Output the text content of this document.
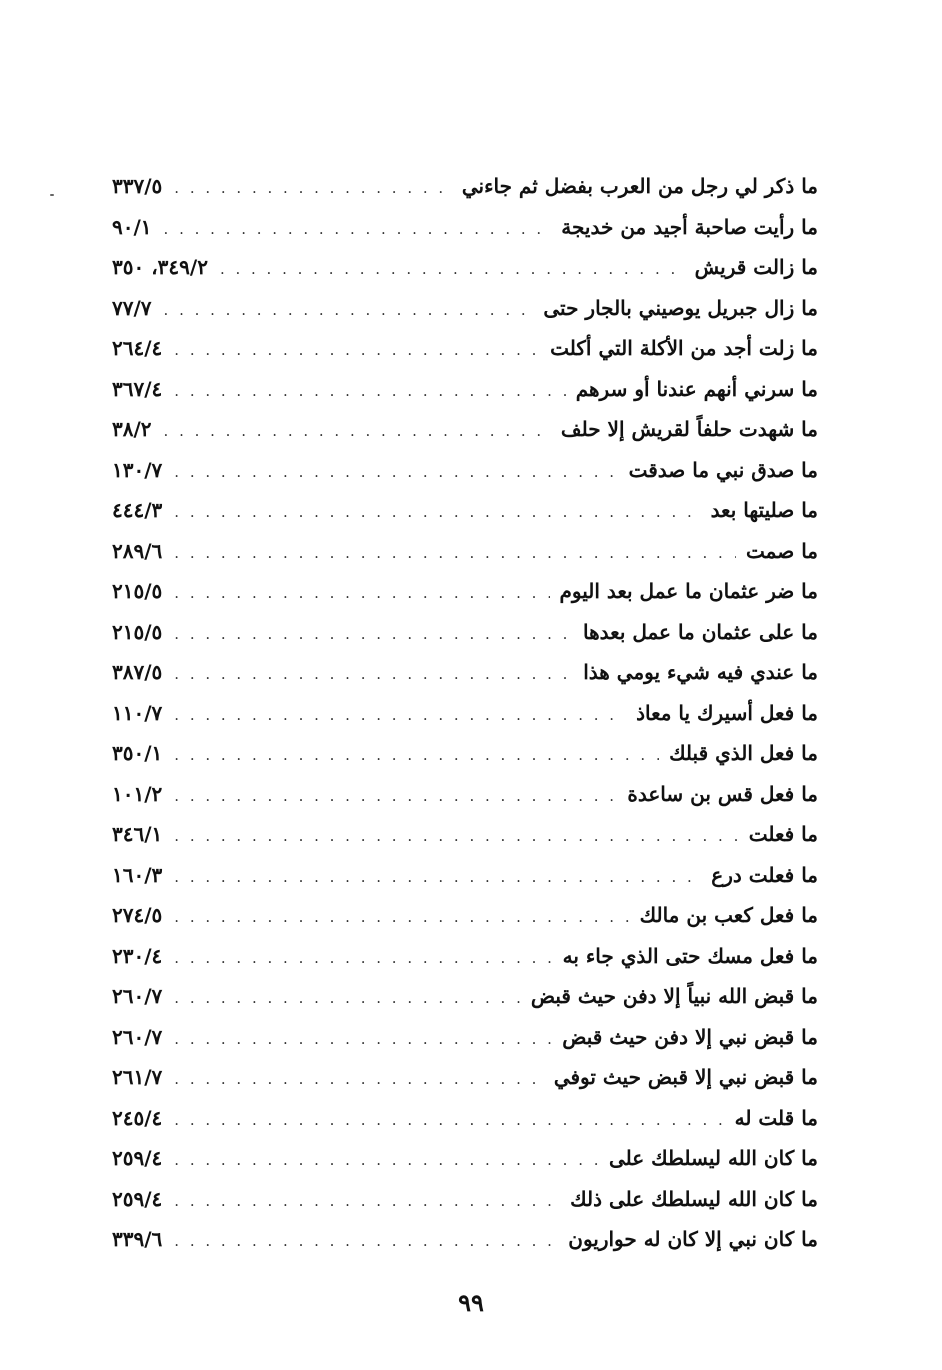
ما ذكر لي رجل من العرب بفضل ثم جاءني
. . .
٣٣٧/٥
ما رأيت صاحبة أجيد من خديجة
. . .
٩٠/١
ما زالت قريش
. . .
٣٤٩/٢، ٣٥٠
ما زال جبريل يوصيني بالجار حتى
. . .
٧٧/٧
ما زلت أجد من الأكلة التي أكلت
. . .
٢٦٤/٤
ما سرني أنهم عندنا أو سرهم
. . .
٣٦٧/٤
ما شهدت حلفاً لقريش إلا حلف
. . .
٣٨/٢
ما صدق نبي ما صدقت
. . .
١٣٠/٧
ما صليتها بعد
. . .
٤٤٤/٣
ما صمت
. . .
٢٨٩/٦
ما ضر عثمان ما عمل بعد اليوم
. . .
٢١٥/٥
ما على عثمان ما عمل بعدها
. . .
٢١٥/٥
ما عندي فيه شيء يومي هذا
. . .
٣٨٧/٥
ما فعل أسيرك يا معاذ
. . .
١١٠/٧
ما فعل الذي قبلك
. . .
٣٥٠/١
ما فعل قس بن ساعدة
. . .
١٠١/٢
ما فعلت
. . .
٣٤٦/١
ما فعلت درع
. . .
١٦٠/٣
ما فعل كعب بن مالك
. . .
٢٧٤/٥
ما فعل مسك حتى الذي جاء به
. . .
٢٣٠/٤
ما قبض الله نبياً إلا دفن حيث قبض
. . .
٢٦٠/٧
ما قبض نبي إلا دفن حيث قبض
. . .
٢٦٠/٧
ما قبض نبي إلا قبض حيث توفي
. . .
٢٦١/٧
ما قلت له
. . .
٢٤٥/٤
ما كان الله ليسلطك على
. . .
٢٥٩/٤
ما كان الله ليسلطك على ذلك
. . .
٢٥٩/٤
ما كان نبي إلا كان له حواريون
. . .
٣٣٩/٦
٩٩
